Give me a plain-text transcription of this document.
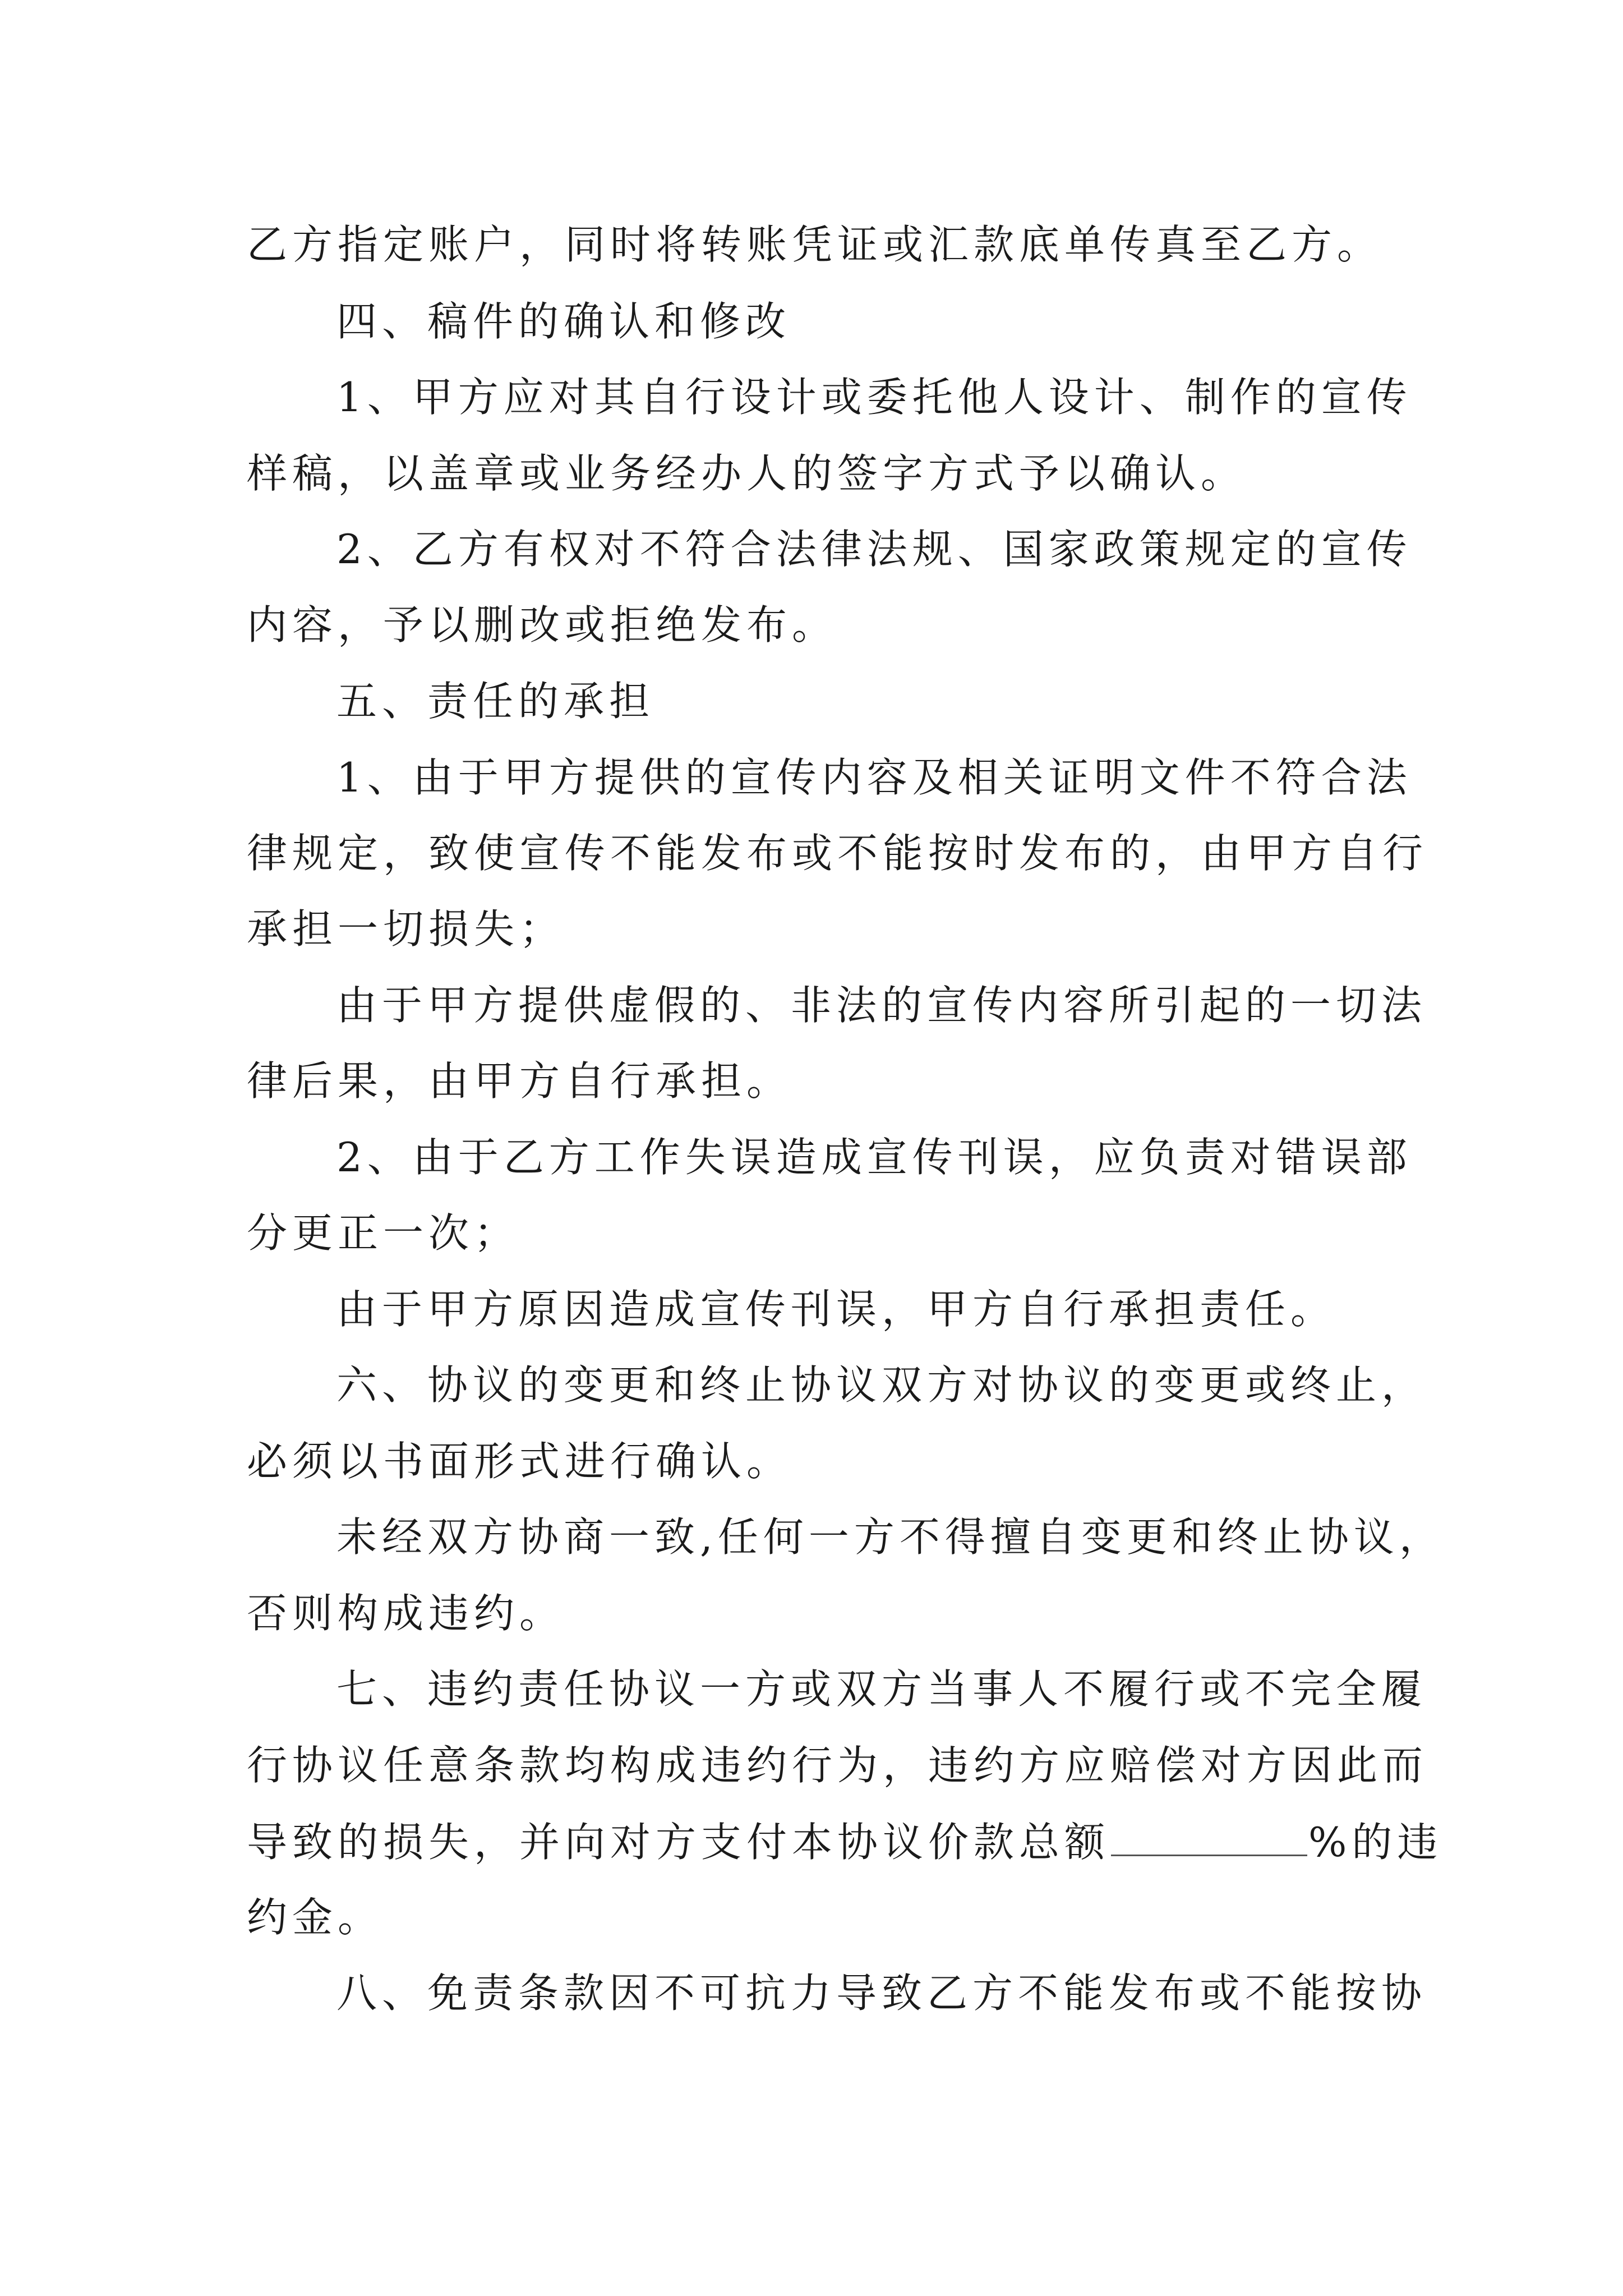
乙方指定账户，同时将转账凭证或汇款底单传真至乙方。
四、稿件的确认和修改
1、甲方应对其自行设计或委托他人设计、制作的宣传
样稿，以盖章或业务经办人的签字方式予以确认。
2、乙方有权对不符合法律法规、国家政策规定的宣传
内容，予以删改或拒绝发布。
五、责任的承担
1、由于甲方提供的宣传内容及相关证明文件不符合法
律规定，致使宣传不能发布或不能按时发布的，由甲方自行
承担一切损失；
由于甲方提供虚假的、非法的宣传内容所引起的一切法
律后果，由甲方自行承担。
2、由于乙方工作失误造成宣传刊误，应负责对错误部
分更正一次；
由于甲方原因造成宣传刊误，甲方自行承担责任。
六、协议的变更和终止协议双方对协议的变更或终止，
必须以书面形式进行确认。
未经双方协商一致,任何一方不得擅自变更和终止协议，
否则构成违约。
七、违约责任协议一方或双方当事人不履行或不完全履
行协议任意条款均构成违约行为，违约方应赔偿对方因此而
导致的损失，并向对方支付本协议价款总额	%的违
约金。
八、免责条款因不可抗力导致乙方不能发布或不能按协
